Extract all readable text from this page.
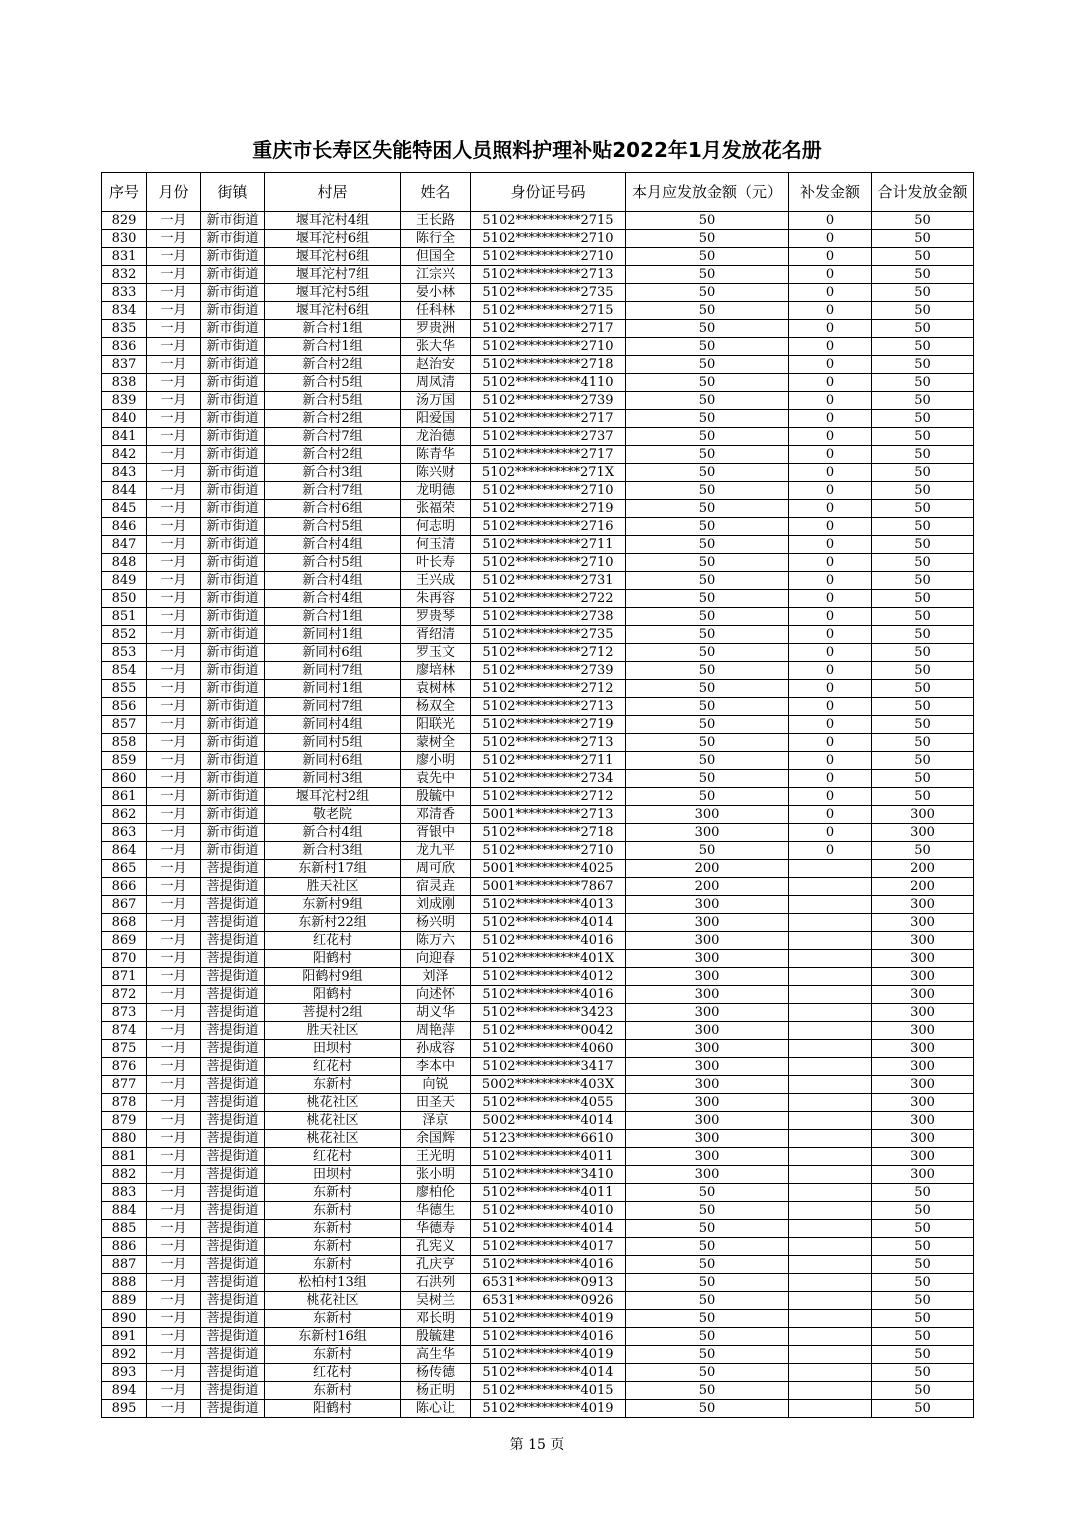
重庆市长寿区失能特困人员照料护理补贴2022年1月发放花名册
序号	月份	街镇	村居	姓名	身份证号码	本月应发放金额（元）	补发金额	合计发放金额
829	一月	新市街道	堰耳沱村4组	王长路	5102**********2715	50	0	50
830	一月	新市街道	堰耳沱村6组	陈行全	5102**********2710	50	0	50
831	一月	新市街道	堰耳沱村6组	但国全	5102**********2710	50	0	50
832	一月	新市街道	堰耳沱村7组	江宗兴	5102**********2713	50	0	50
833	一月	新市街道	堰耳沱村5组	晏小林	5102**********2735	50	0	50
834	一月	新市街道	堰耳沱村6组	任科林	5102**********2715	50	0	50
835	一月	新市街道	新合村1组	罗贵洲	5102**********2717	50	0	50
836	一月	新市街道	新合村1组	张大华	5102**********2710	50	0	50
837	一月	新市街道	新合村2组	赵治安	5102**********2718	50	0	50
838	一月	新市街道	新合村5组	周凤清	5102**********4110	50	0	50
839	一月	新市街道	新合村5组	汤万国	5102**********2739	50	0	50
840	一月	新市街道	新合村2组	阳爱国	5102**********2717	50	0	50
841	一月	新市街道	新合村7组	龙治德	5102**********2737	50	0	50
842	一月	新市街道	新合村2组	陈青华	5102**********2717	50	0	50
843	一月	新市街道	新合村3组	陈兴财	5102**********271X	50	0	50
844	一月	新市街道	新合村7组	龙明德	5102**********2710	50	0	50
845	一月	新市街道	新合村6组	张福荣	5102**********2719	50	0	50
846	一月	新市街道	新合村5组	何志明	5102**********2716	50	0	50
847	一月	新市街道	新合村4组	何玉清	5102**********2711	50	0	50
848	一月	新市街道	新合村5组	叶长寿	5102**********2710	50	0	50
849	一月	新市街道	新合村4组	王兴成	5102**********2731	50	0	50
850	一月	新市街道	新合村4组	朱再容	5102**********2722	50	0	50
851	一月	新市街道	新合村1组	罗贵琴	5102**********2738	50	0	50
852	一月	新市街道	新同村1组	胥绍清	5102**********2735	50	0	50
853	一月	新市街道	新同村6组	罗玉文	5102**********2712	50	0	50
854	一月	新市街道	新同村7组	廖培林	5102**********2739	50	0	50
855	一月	新市街道	新同村1组	袁树林	5102**********2712	50	0	50
856	一月	新市街道	新同村7组	杨双全	5102**********2713	50	0	50
857	一月	新市街道	新同村4组	阳联光	5102**********2719	50	0	50
858	一月	新市街道	新同村5组	蒙树全	5102**********2713	50	0	50
859	一月	新市街道	新同村6组	廖小明	5102**********2711	50	0	50
860	一月	新市街道	新同村3组	袁先中	5102**********2734	50	0	50
861	一月	新市街道	堰耳沱村2组	殷毓中	5102**********2712	50	0	50
862	一月	新市街道	敬老院	邓清香	5001**********2713	300	0	300
863	一月	新市街道	新合村4组	胥银中	5102**********2718	300	0	300
864	一月	新市街道	新合村3组	龙九平	5102**********2710	50	0	50
865	一月	菩提街道	东新村17组	周可欣	5001**********4025	200		200
866	一月	菩提街道	胜天社区	宿灵垚	5001**********7867	200		200
867	一月	菩提街道	东新村9组	刘成刚	5102**********4013	300		300
868	一月	菩提街道	东新村22组	杨兴明	5102**********4014	300		300
869	一月	菩提街道	红花村	陈万六	5102**********4016	300		300
870	一月	菩提街道	阳鹤村	向迎春	5102**********401X	300		300
871	一月	菩提街道	阳鹤村9组	刘泽	5102**********4012	300		300
872	一月	菩提街道	阳鹤村	向述怀	5102**********4016	300		300
873	一月	菩提街道	菩提村2组	胡义华	5102**********3423	300		300
874	一月	菩提街道	胜天社区	周艳萍	5102**********0042	300		300
875	一月	菩提街道	田坝村	孙成容	5102**********4060	300		300
876	一月	菩提街道	红花村	李本中	5102**********3417	300		300
877	一月	菩提街道	东新村	向锐	5002**********403X	300		300
878	一月	菩提街道	桃花社区	田圣天	5102**********4055	300		300
879	一月	菩提街道	桃花社区	泽京	5002**********4014	300		300
880	一月	菩提街道	桃花社区	余国辉	5123**********6610	300		300
881	一月	菩提街道	红花村	王光明	5102**********4011	300		300
882	一月	菩提街道	田坝村	张小明	5102**********3410	300		300
883	一月	菩提街道	东新村	廖柏伦	5102**********4011	50		50
884	一月	菩提街道	东新村	华德生	5102**********4010	50		50
885	一月	菩提街道	东新村	华德寿	5102**********4014	50		50
886	一月	菩提街道	东新村	孔宪义	5102**********4017	50		50
887	一月	菩提街道	东新村	孔庆亨	5102**********4016	50		50
888	一月	菩提街道	松柏村13组	石洪列	6531**********0913	50		50
889	一月	菩提街道	桃花社区	吴树兰	6531**********0926	50		50
890	一月	菩提街道	东新村	邓长明	5102**********4019	50		50
891	一月	菩提街道	东新村16组	殷毓建	5102**********4016	50		50
892	一月	菩提街道	东新村	高生华	5102**********4019	50		50
893	一月	菩提街道	红花村	杨传德	5102**********4014	50		50
894	一月	菩提街道	东新村	杨正明	5102**********4015	50		50
895	一月	菩提街道	阳鹤村	陈心让	5102**********4019	50		50
第 15 页
